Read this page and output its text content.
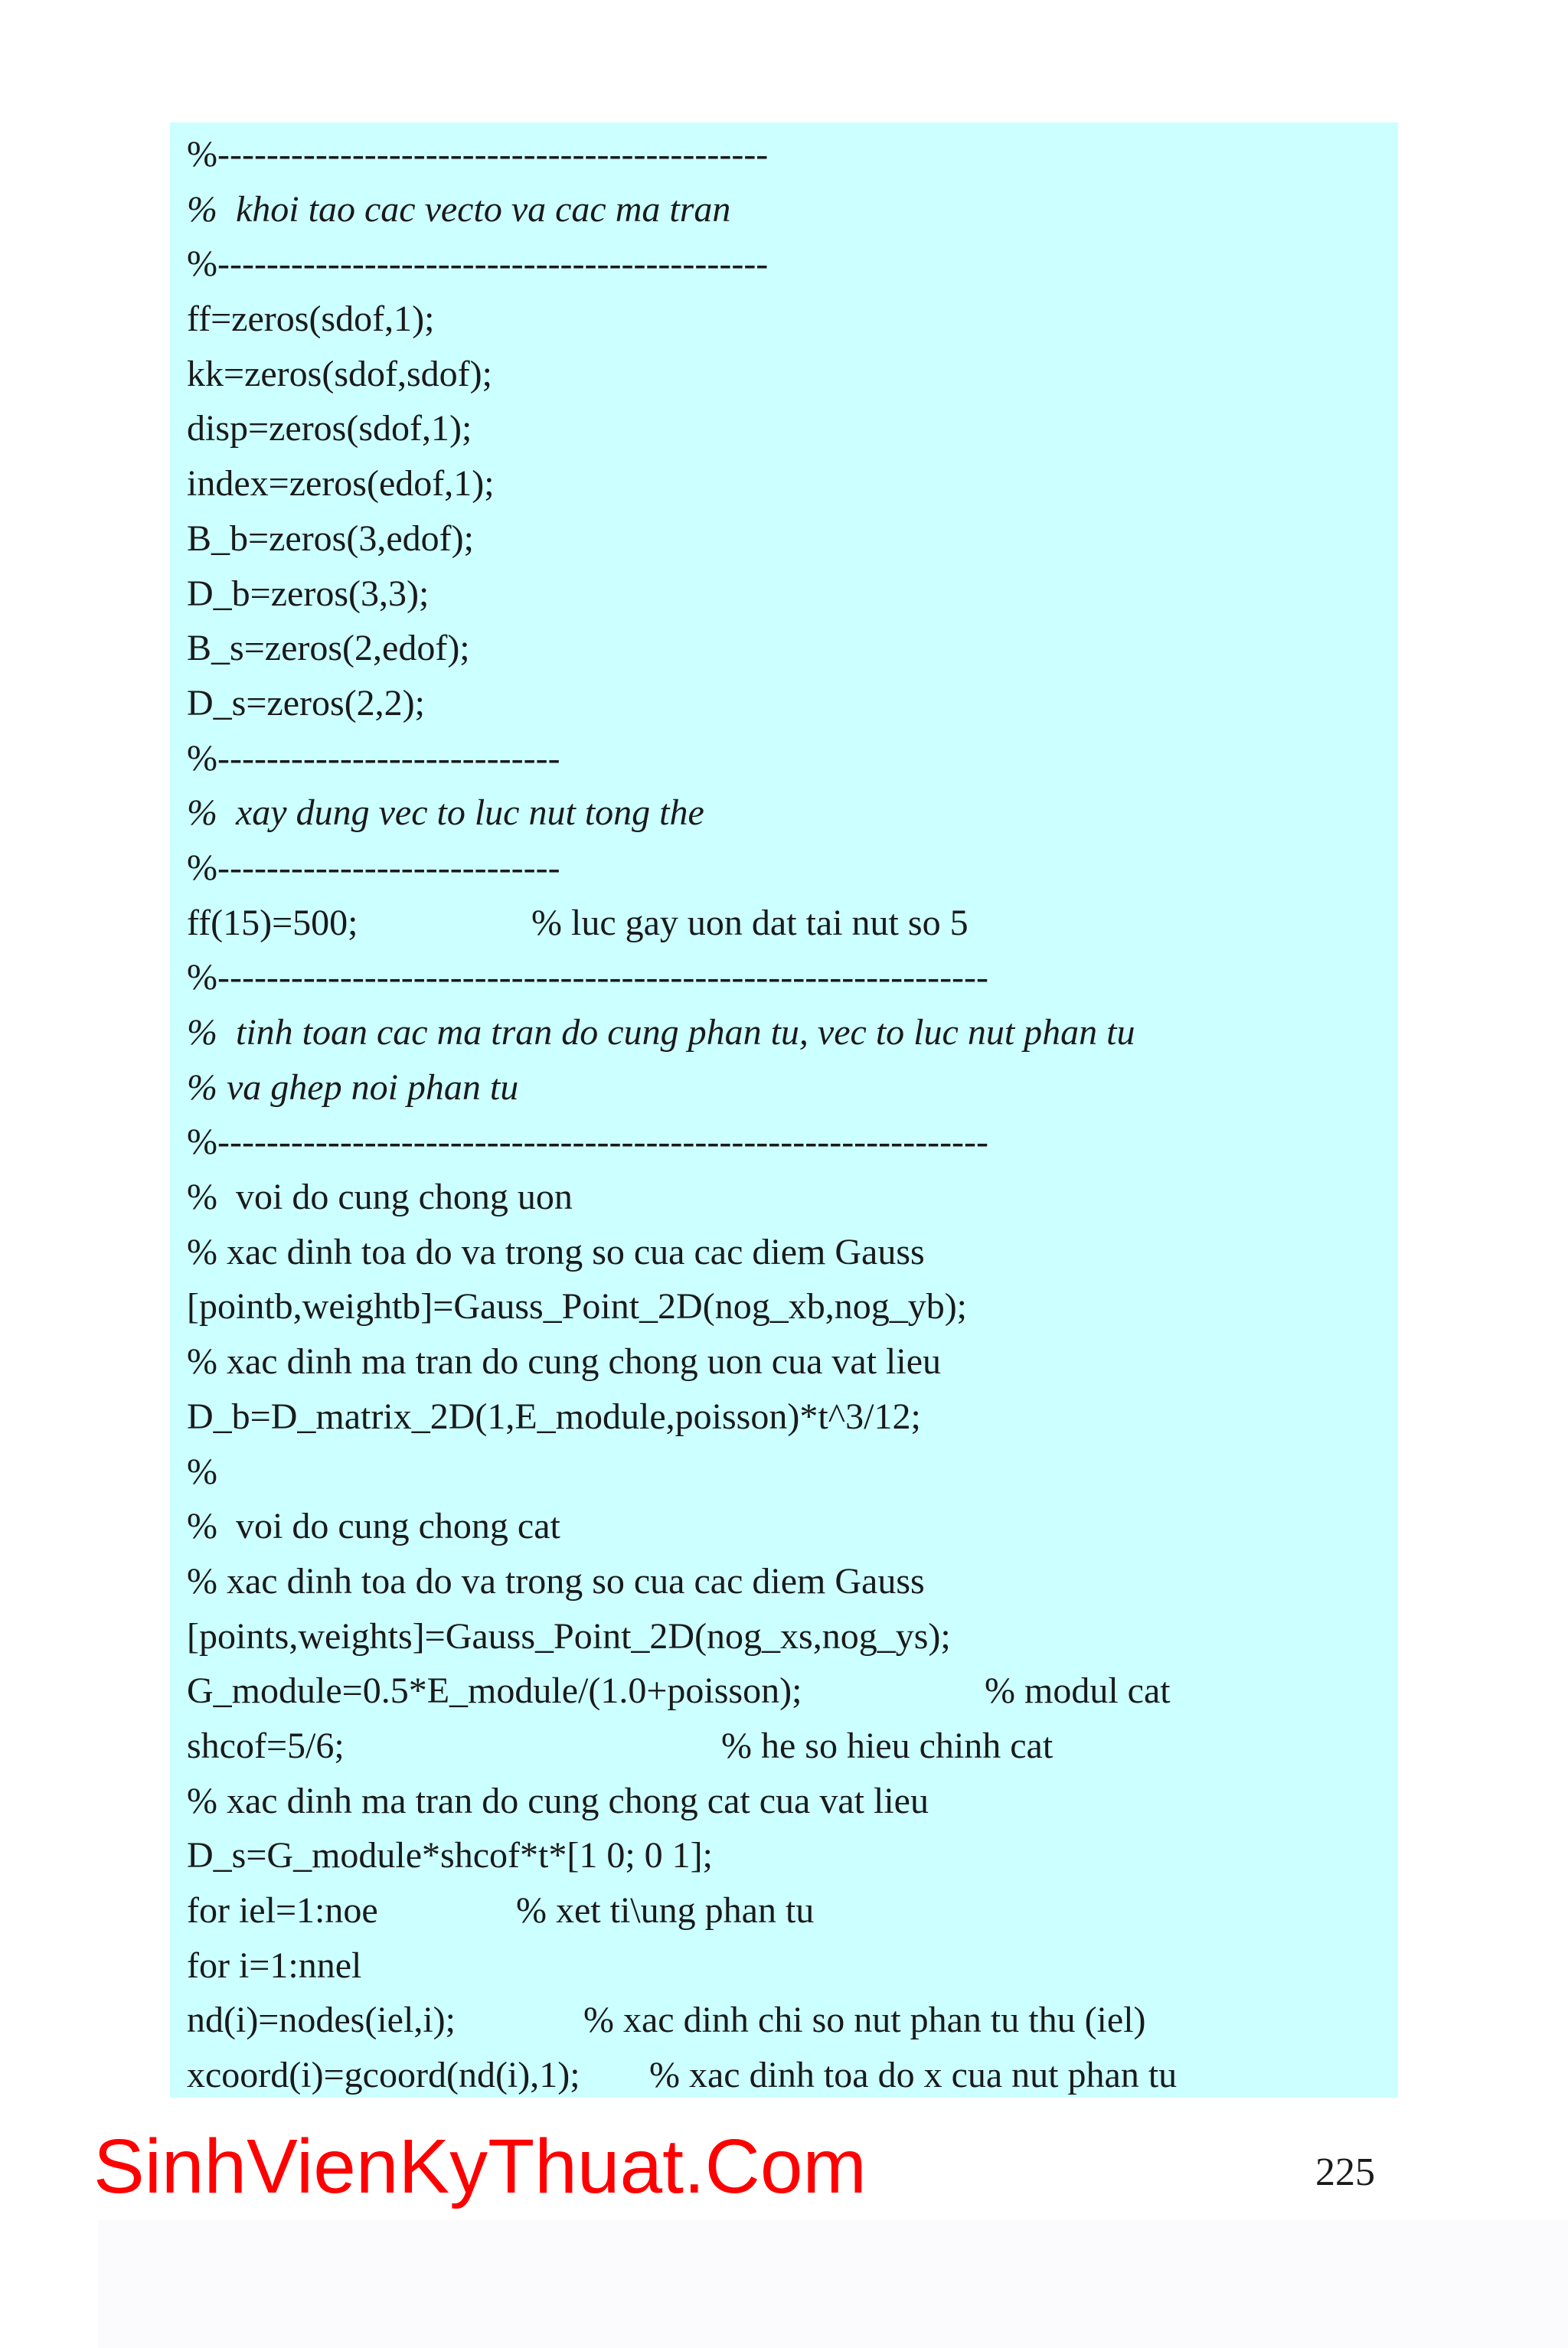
%---------------------------------------------
%  khoi tao cac vecto va cac ma tran
%---------------------------------------------
ff=zeros(sdof,1);
kk=zeros(sdof,sdof);
disp=zeros(sdof,1);
index=zeros(edof,1);
B_b=zeros(3,edof);
D_b=zeros(3,3);
B_s=zeros(2,edof);
D_s=zeros(2,2);
%----------------------------
%  xay dung vec to luc nut tong the
%----------------------------
ff(15)=500;	% luc gay uon dat tai nut so 5
%---------------------------------------------------------------
%  tinh toan cac ma tran do cung phan tu, vec to luc nut phan tu
% va ghep noi phan tu
%---------------------------------------------------------------
%  voi do cung chong uon
% xac dinh toa do va trong so cua cac diem Gauss
[pointb,weightb]=Gauss_Point_2D(nog_xb,nog_yb);
% xac dinh ma tran do cung chong uon cua vat lieu
D_b=D_matrix_2D(1,E_module,poisson)*t^3/12;
%
%  voi do cung chong cat
% xac dinh toa do va trong so cua cac diem Gauss
[points,weights]=Gauss_Point_2D(nog_xs,nog_ys);
G_module=0.5*E_module/(1.0+poisson);	% modul cat
shcof=5/6;	% he so hieu chinh cat
% xac dinh ma tran do cung chong cat cua vat lieu
D_s=G_module*shcof*t*[1 0; 0 1];
for iel=1:noe	% xet ti\ung phan tu
for i=1:nnel
nd(i)=nodes(iel,i);	% xac dinh chi so nut phan tu thu (iel)
xcoord(i)=gcoord(nd(i),1); % xac dinh toa do x cua nut phan tu
SinhVienKyThuat.Com	225
